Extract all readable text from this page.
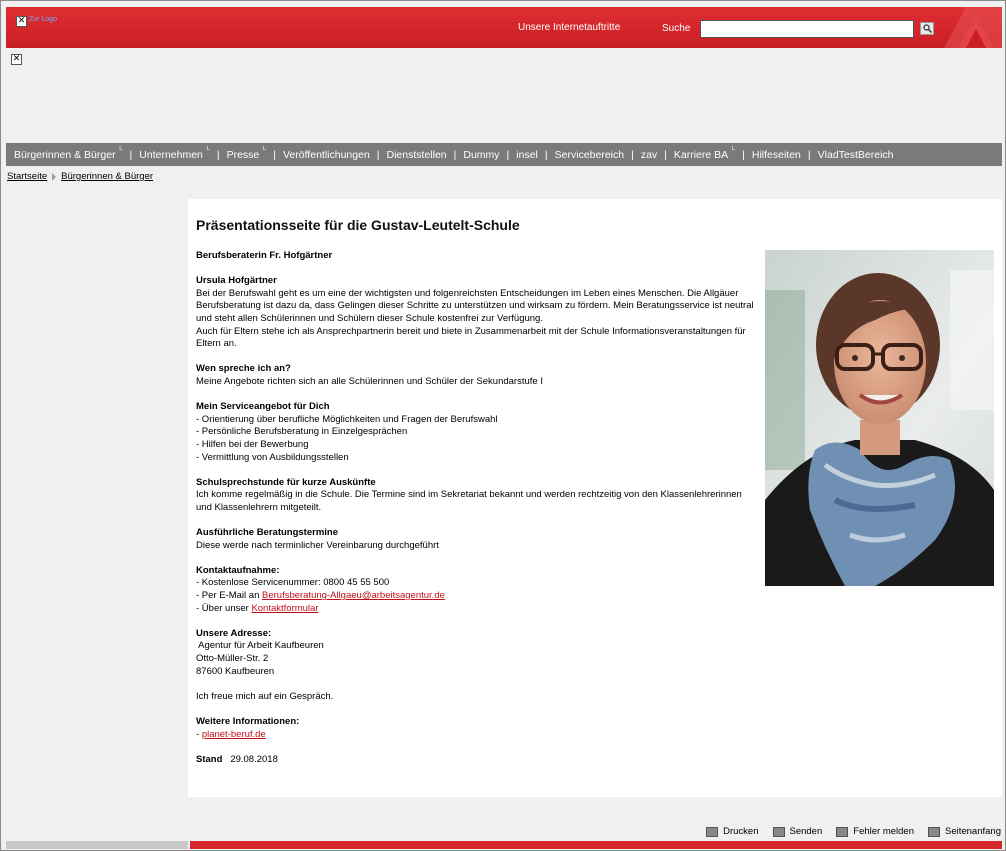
✕ Zur Logo
Unsere Internetauftritte	Suche
✕
Bürgerinnen & Bürger └ | Unternehmen └ | Presse └ | Veröffentlichungen | Dienststellen | Dummy | insel | Servicebereich | zav | Karriere BA └ | Hilfeseiten | VladTestBereich
Startseite Bürgerinnen & Bürger
Präsentationsseite für die Gustav-Leutelt-Schule

Berufsberaterin Fr. Hofgärtner

Ursula Hofgärtner
Bei der Berufswahl geht es um eine der wichtigsten und folgenreichsten Entscheidungen im Leben eines Menschen. Die Allgäuer Berufsberatung ist dazu da, dass Gelingen dieser Schritte zu unterstützen und wirksam zu fördern. Mein Beratungsservice ist neutral und steht allen Schülerinnen und Schülern dieser Schule kostenfrei zur Verfügung.
Auch für Eltern stehe ich als Ansprechpartnerin bereit und biete in Zusammenarbeit mit der Schule Informationsveranstaltungen für Eltern an.

Wen spreche ich an?
Meine Angebote richten sich an alle Schülerinnen und Schüler der Sekundarstufe I

Mein Serviceangebot für Dich
- Orientierung über berufliche Möglichkeiten und Fragen der Berufswahl
- Persönliche Berufsberatung in Einzelgesprächen
- Hilfen bei der Bewerbung
- Vermittlung von Ausbildungsstellen

Schulsprechstunde für kurze Auskünfte
Ich komme regelmäßig in die Schule. Die Termine sind im Sekretariat bekannt und werden rechtzeitig von den Klassenlehrerinnen und Klassenlehrern mitgeteilt.

Ausführliche Beratungstermine
Diese werde nach terminlicher Vereinbarung durchgeführt

Kontaktaufnahme:
- Kostenlose Servicenummer: 0800 45 55 500
- Per E-Mail an Berufsberatung-Allgaeu@arbeitsagentur.de
- Über unser Kontaktformular

Unsere Adresse:
Agentur für Arbeit Kaufbeuren
Otto-Müller-Str. 2
87600 Kaufbeuren

Ich freue mich auf ein Gespräch.

Weitere Informationen:
- planet-beruf.de

Stand 29.08.2018

Drucken	Senden	Fehler melden	Seitenanfang
